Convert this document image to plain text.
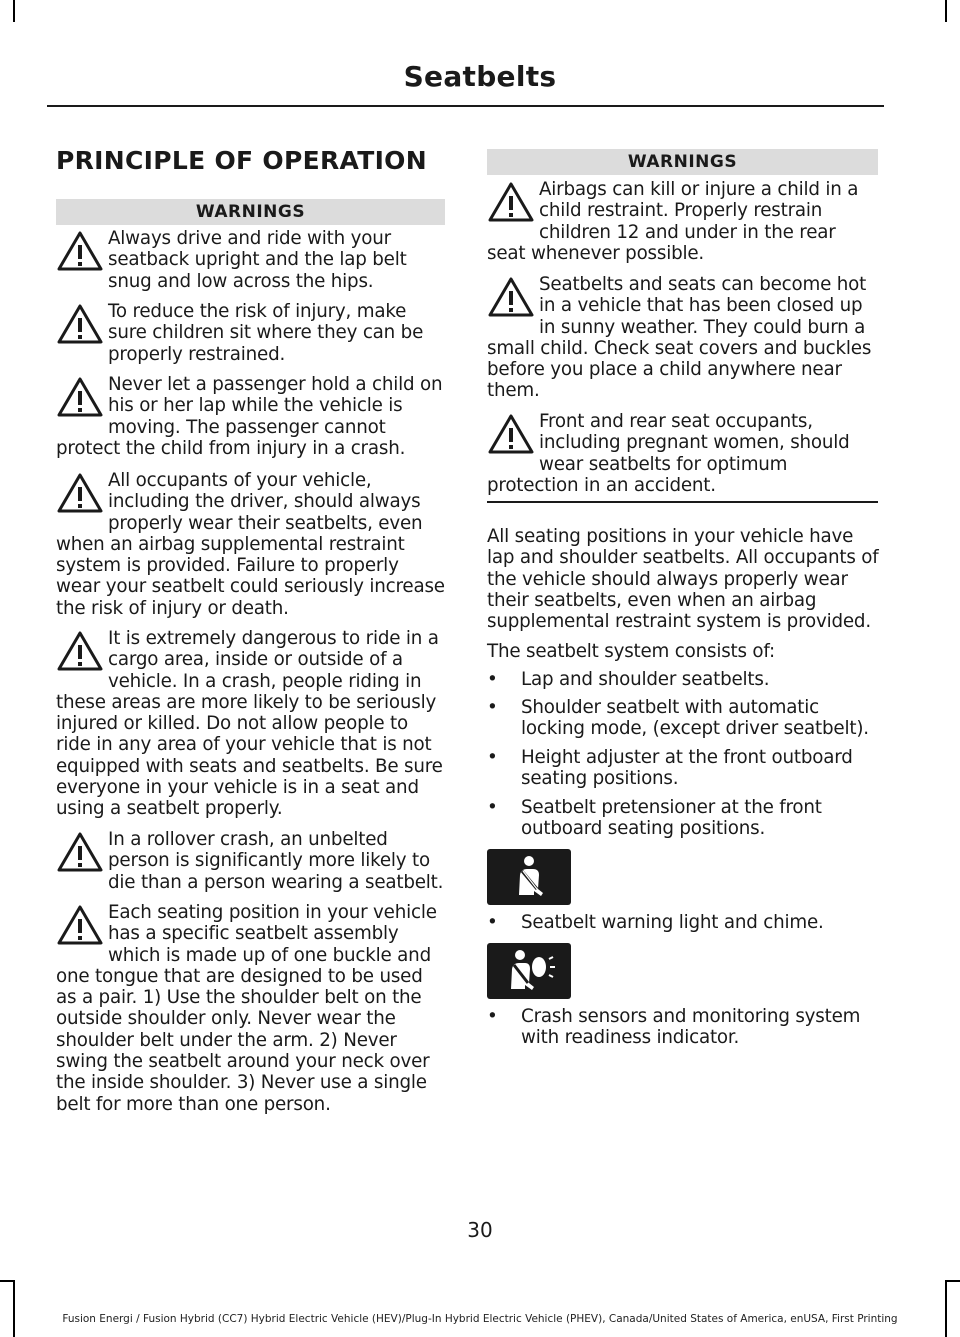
Seatbelts
PRINCIPLE OF OPERATION
WARNINGS
Always drive and ride with your seatback upright and the lap belt snug and low across the hips.
To reduce the risk of injury, make sure children sit where they can be properly restrained.
Never let a passenger hold a child on his or her lap while the vehicle is moving. The passenger cannot protect the child from injury in a crash.
All occupants of your vehicle, including the driver, should always properly wear their seatbelts, even when an airbag supplemental restraint system is provided. Failure to properly wear your seatbelt could seriously increase the risk of injury or death.
It is extremely dangerous to ride in a cargo area, inside or outside of a vehicle. In a crash, people riding in these areas are more likely to be seriously injured or killed. Do not allow people to ride in any area of your vehicle that is not equipped with seats and seatbelts. Be sure everyone in your vehicle is in a seat and using a seatbelt properly.
In a rollover crash, an unbelted person is significantly more likely to die than a person wearing a seatbelt.
Each seating position in your vehicle has a specific seatbelt assembly which is made up of one buckle and one tongue that are designed to be used as a pair. 1) Use the shoulder belt on the outside shoulder only. Never wear the shoulder belt under the arm. 2) Never swing the seatbelt around your neck over the inside shoulder. 3) Never use a single belt for more than one person.
WARNINGS
Airbags can kill or injure a child in a child restraint. Properly restrain children 12 and under in the rear seat whenever possible.
Seatbelts and seats can become hot in a vehicle that has been closed up in sunny weather. They could burn a small child. Check seat covers and buckles before you place a child anywhere near them.
Front and rear seat occupants, including pregnant women, should wear seatbelts for optimum protection in an accident.
All seating positions in your vehicle have lap and shoulder seatbelts. All occupants of the vehicle should always properly wear their seatbelts, even when an airbag supplemental restraint system is provided.
The seatbelt system consists of:
• Lap and shoulder seatbelts.
• Shoulder seatbelt with automatic locking mode, (except driver seatbelt).
• Height adjuster at the front outboard seating positions.
• Seatbelt pretensioner at the front outboard seating positions.
• Seatbelt warning light and chime.
• Crash sensors and monitoring system with readiness indicator.
30
Fusion Energi / Fusion Hybrid (CC7) Hybrid Electric Vehicle (HEV)/Plug-In Hybrid Electric Vehicle (PHEV), Canada/United States of America, enUSA, First Printing
